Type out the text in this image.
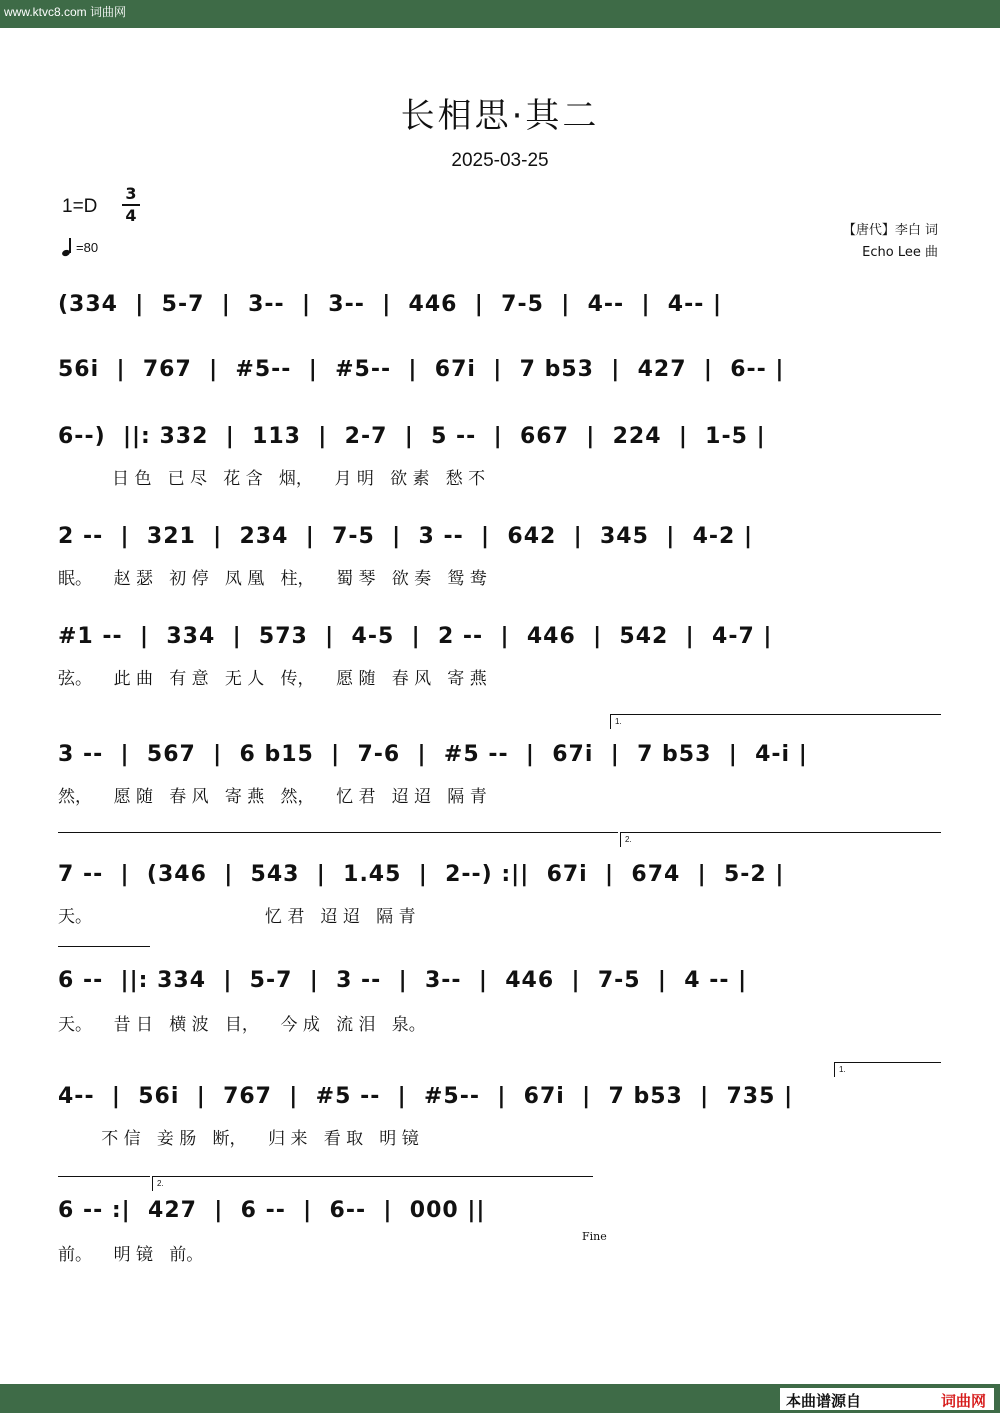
www.ktvc8.com 词曲网
长相思·其二
2025-03-25
1=D
3
4
=80
【唐代】李白 词
Echo Lee 曲
(334  |  5-7  |  3--  |  3--  |  446  |  7-5  |  4--  |  4-- |
56i  |  767  |  #5--  |  #5--  |  67i  |  7 b53  |  427  |  6-- |
6--)  ||: 332  |  113  |  2-7  |  5 --  |  667  |  224  |  1-5 |
日 色   已 尽   花 含   烟，    月 明   欲 素   愁 不
2 --  |  321  |  234  |  7-5  |  3 --  |  642  |  345  |  4-2 |
眠。    赵 瑟   初 停   凤 凰   柱，    蜀 琴   欲 奏   鸳 鸯
#1 --  |  334  |  573  |  4-5  |  2 --  |  446  |  542  |  4-7 |
弦。    此 曲   有 意   无 人   传，    愿 随   春 风   寄 燕
1.
3 --  |  567  |  6 b15  |  7-6  |  #5 --  |  67i  |  7 b53  |  4-i |
然，    愿 随   春 风   寄 燕   然，    忆 君   迢 迢   隔 青
2.
7 --  |  (346  |  543  |  1.45  |  2--) :||  67i  |  674  |  5-2 |
天。                                忆 君   迢 迢   隔 青
6 --  ||: 334  |  5-7  |  3 --  |  3--  |  446  |  7-5  |  4 -- |
天。    昔 日   横 波   目，    今 成   流 泪   泉。
1.
4--  |  56i  |  767  |  #5 --  |  #5--  |  67i  |  7 b53  |  735 |
不 信   妾 肠   断，    归 来   看 取   明 镜
2.
6 -- :|  427  |  6 --  |  6--  |  000 ||
前。    明 镜   前。
Fine
本曲谱源自	词曲网
